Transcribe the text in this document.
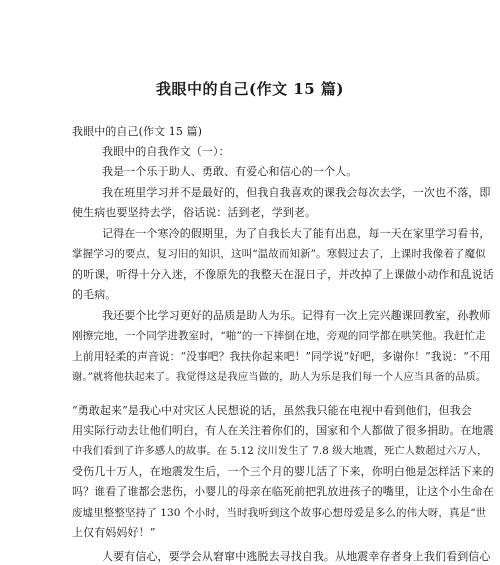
我眼中的自己(作文 15 篇)
我眼中的自己(作文 15 篇)
我眼中的自我作文（一）：
我是一个乐于助人、勇敢、有爱心和信心的一个人。
我在班里学习并不是最好的，但我自我喜欢的课我会每次去学，一次也不落，即
使生病也要坚持去学，俗话说：活到老，学到老。
记得在一个寒冷的假期里，为了自我长大了能有出息，每一天在家里学习看书，
掌握学习的要点，复习旧的知识，这叫“温故而知新”。寒假过去了，上课时我像着了魔似
的听课，听得十分入迷，不像原先的我整天在混日子，并改掉了上课做小动作和乱说话
的毛病。
我还要个比学习更好的品质是助人为乐。记得有一次上完兴趣课回教室，孙教师
刚擦完地，一个同学进教室时，“啪”的一下摔倒在地，旁观的同学都在哄笑他。我赶忙走
上前用轻柔的声音说：“没事吧？我扶你起来吧！”同学说“好吧，多谢你！”我说：“不用
谢。”就将他扶起来了。我觉得这是我应当做的，助人为乐是我们每一个人应当具备的品质。
“勇敢起来”是我心中对灾区人民想说的话，虽然我只能在电视中看到他们，但我会
用实际行动去让他们明白，有人在关注着你们的，国家和个人都做了很多捐助。在地震
中我们看到了许多感人的故事。在 5.12 汶川发生了 7.8 级大地震，死亡人数超过六万人，
受伤几十万人，在地震发生后，一个三个月的婴儿活了下来，你明白他是怎样活下来的
吗？谁看了谁都会悲伤，小婴儿的母亲在临死前把乳放进孩子的嘴里，让这个小生命在
废墟里整整坚持了 130 个小时，当时我听到这个故事心想母爱是多么的伟大呀，真是“世
上仅有妈妈好！”
人要有信心，要学会从窘窜中逃脱去寻找自我。从地震幸存者身上我们看到信心
